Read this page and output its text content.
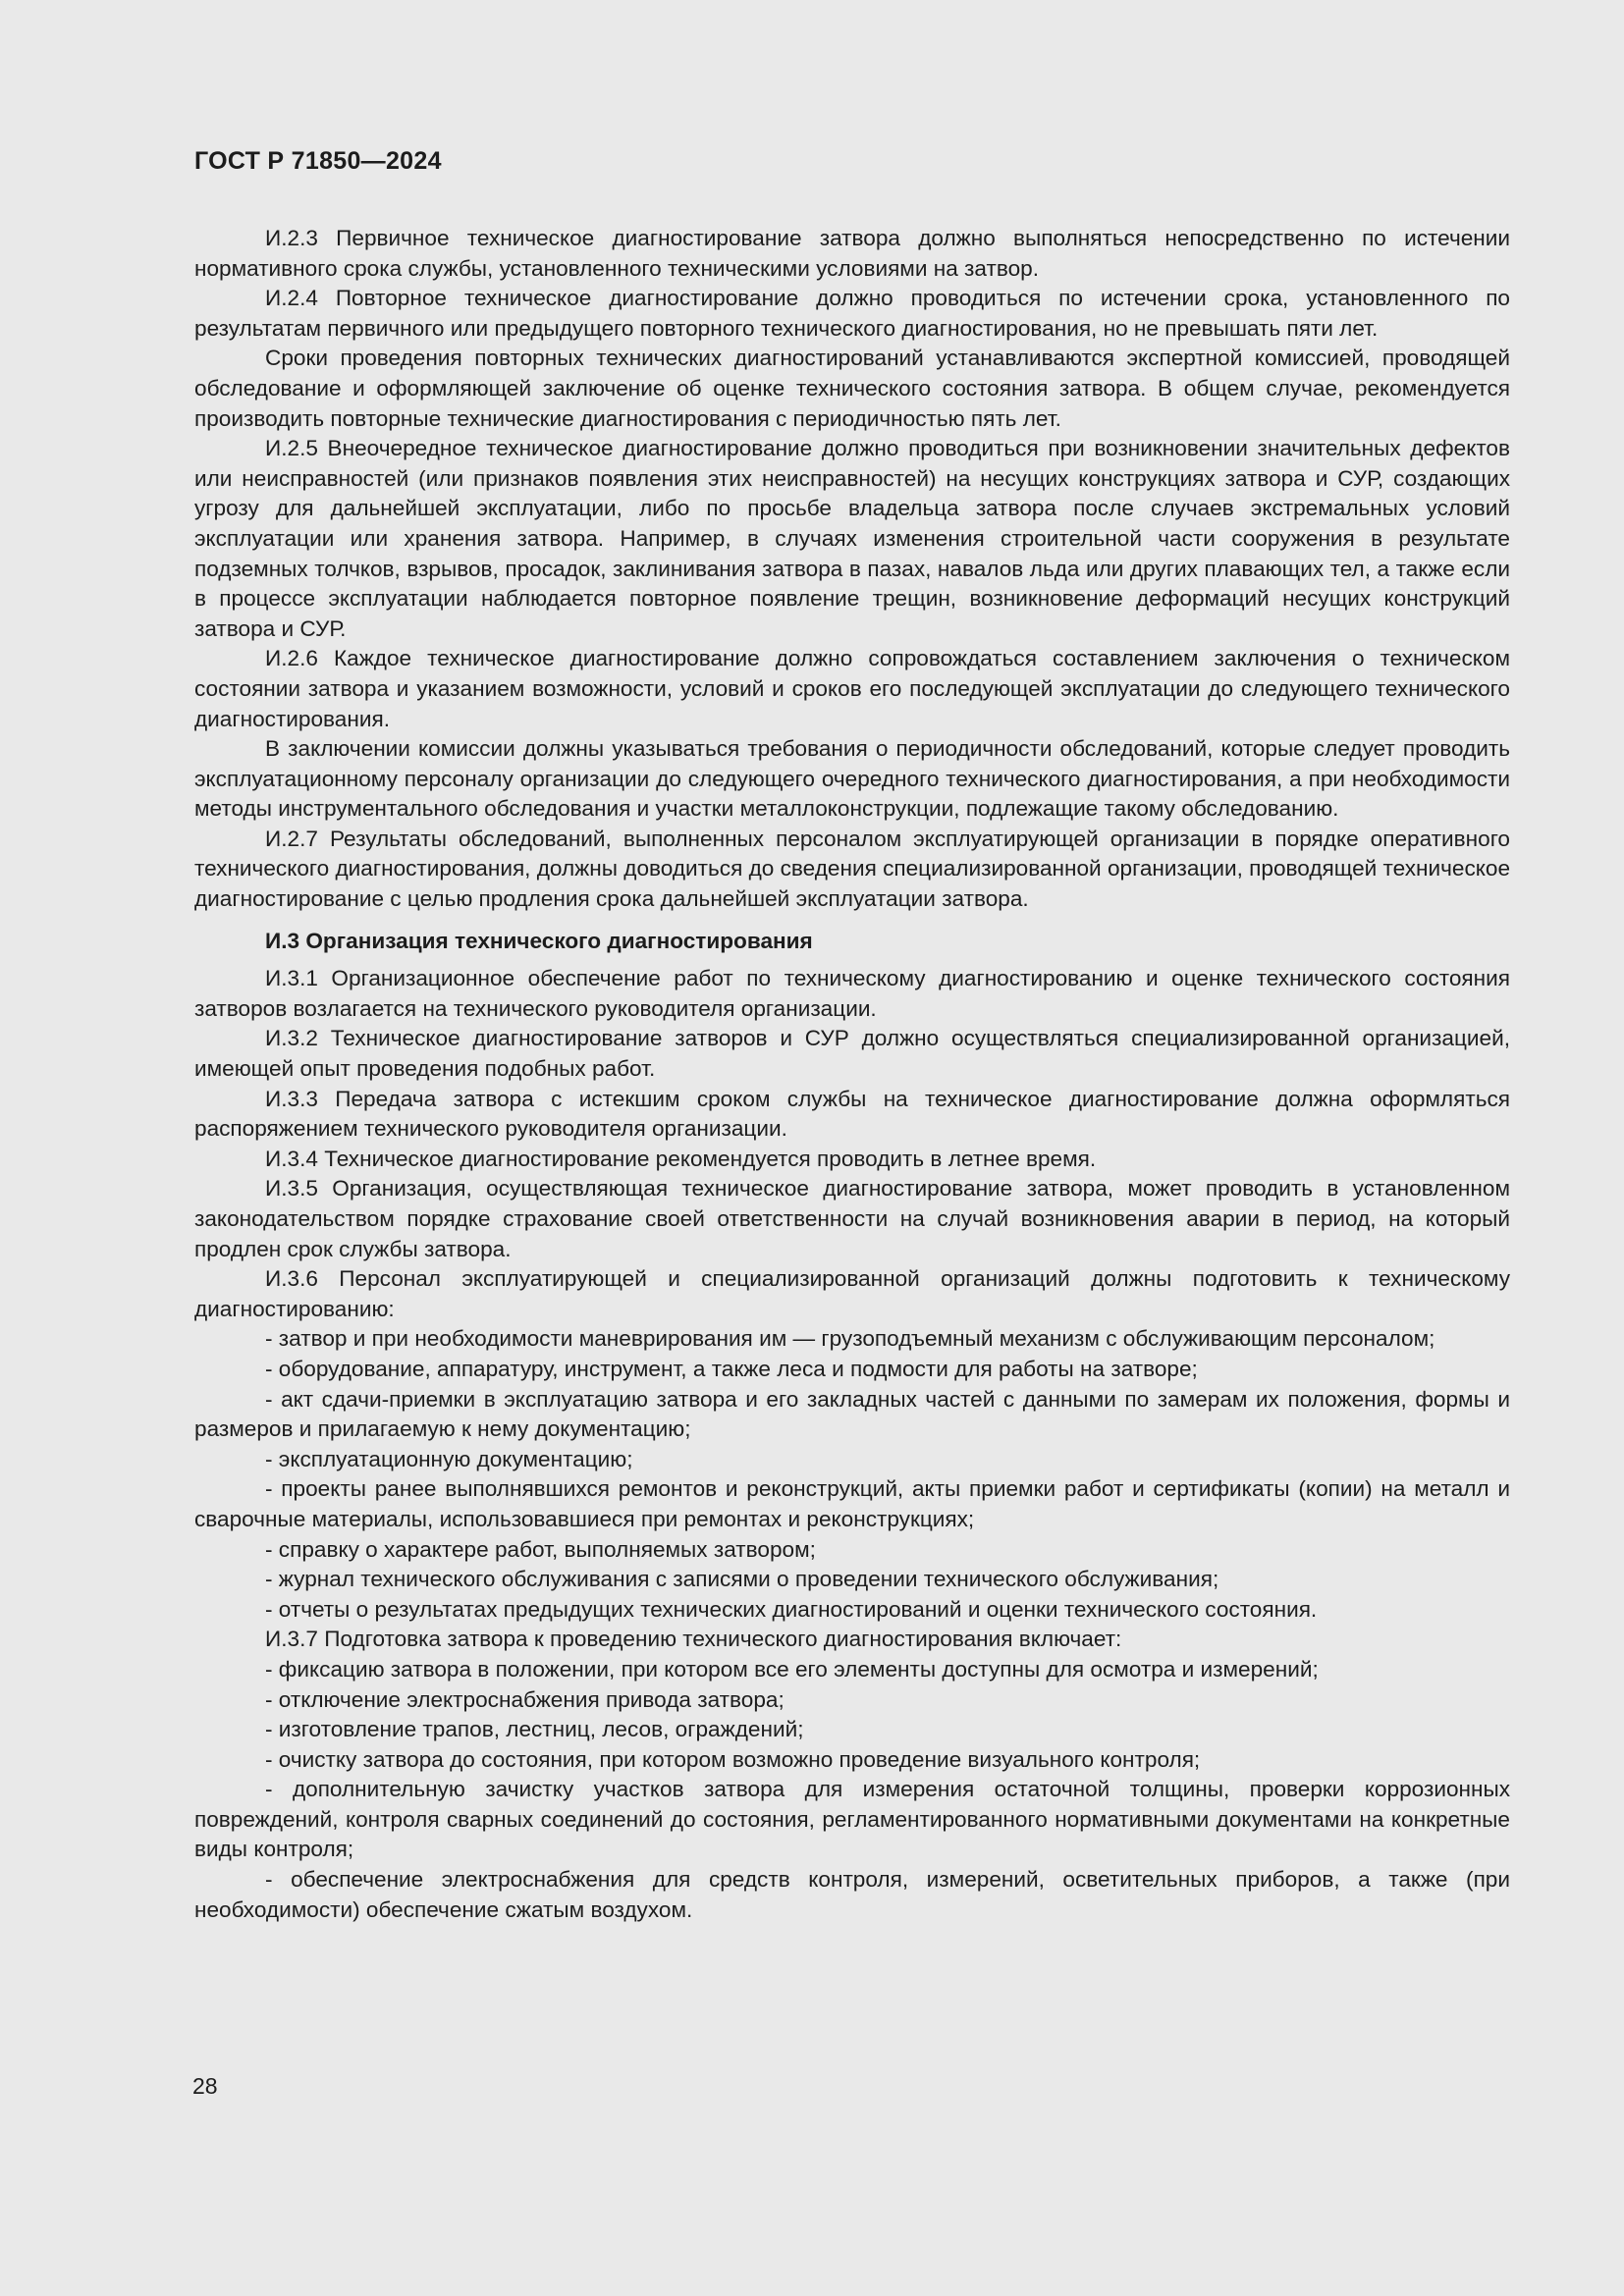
ГОСТ Р 71850—2024

И.2.3 Первичное техническое диагностирование затвора должно выполняться непосредственно по истечении нормативного срока службы, установленного техническими условиями на затвор.

И.2.4 Повторное техническое диагностирование должно проводиться по истечении срока, установленного по результатам первичного или предыдущего повторного технического диагностирования, но не превышать пяти лет.

Сроки проведения повторных технических диагностирований устанавливаются экспертной комиссией, проводящей обследование и оформляющей заключение об оценке технического состояния затвора. В общем случае, рекомендуется производить повторные технические диагностирования с периодичностью пять лет.

И.2.5 Внеочередное техническое диагностирование должно проводиться при возникновении значительных дефектов или неисправностей (или признаков появления этих неисправностей) на несущих конструкциях затвора и СУР, создающих угрозу для дальнейшей эксплуатации, либо по просьбе владельца затвора после случаев экстремальных условий эксплуатации или хранения затвора. Например, в случаях изменения строительной части сооружения в результате подземных толчков, взрывов, просадок, заклинивания затвора в пазах, навалов льда или других плавающих тел, а также если в процессе эксплуатации наблюдается повторное появление трещин, возникновение деформаций несущих конструкций затвора и СУР.

И.2.6 Каждое техническое диагностирование должно сопровождаться составлением заключения о техническом состоянии затвора и указанием возможности, условий и сроков его последующей эксплуатации до следующего технического диагностирования.

В заключении комиссии должны указываться требования о периодичности обследований, которые следует проводить эксплуатационному персоналу организации до следующего очередного технического диагностирования, а при необходимости методы инструментального обследования и участки металлоконструкции, подлежащие такому обследованию.

И.2.7 Результаты обследований, выполненных персоналом эксплуатирующей организации в порядке оперативного технического диагностирования, должны доводиться до сведения специализированной организации, проводящей техническое диагностирование с целью продления срока дальнейшей эксплуатации затвора.

И.3 Организация технического диагностирования

И.3.1 Организационное обеспечение работ по техническому диагностированию и оценке технического состояния затворов возлагается на технического руководителя организации.

И.3.2 Техническое диагностирование затворов и СУР должно осуществляться специализированной организацией, имеющей опыт проведения подобных работ.

И.3.3 Передача затвора с истекшим сроком службы на техническое диагностирование должна оформляться распоряжением технического руководителя организации.

И.3.4 Техническое диагностирование рекомендуется проводить в летнее время.

И.3.5 Организация, осуществляющая техническое диагностирование затвора, может проводить в установленном законодательством порядке страхование своей ответственности на случай возникновения аварии в период, на который продлен срок службы затвора.

И.3.6 Персонал эксплуатирующей и специализированной организаций должны подготовить к техническому диагностированию:

- затвор и при необходимости маневрирования им — грузоподъемный механизм с обслуживающим персоналом;

- оборудование, аппаратуру, инструмент, а также леса и подмости для работы на затворе;

- акт сдачи-приемки в эксплуатацию затвора и его закладных частей с данными по замерам их положения, формы и размеров и прилагаемую к нему документацию;

- эксплуатационную документацию;

- проекты ранее выполнявшихся ремонтов и реконструкций, акты приемки работ и сертификаты (копии) на металл и сварочные материалы, использовавшиеся при ремонтах и реконструкциях;

- справку о характере работ, выполняемых затвором;

- журнал технического обслуживания с записями о проведении технического обслуживания;

- отчеты о результатах предыдущих технических диагностирований и оценки технического состояния.

И.3.7 Подготовка затвора к проведению технического диагностирования включает:

- фиксацию затвора в положении, при котором все его элементы доступны для осмотра и измерений;

- отключение электроснабжения привода затвора;

- изготовление трапов, лестниц, лесов, ограждений;

- очистку затвора до состояния, при котором возможно проведение визуального контроля;

- дополнительную зачистку участков затвора для измерения остаточной толщины, проверки коррозионных повреждений, контроля сварных соединений до состояния, регламентированного нормативными документами на конкретные виды контроля;

- обеспечение электроснабжения для средств контроля, измерений, осветительных приборов, а также (при необходимости) обеспечение сжатым воздухом.

28
